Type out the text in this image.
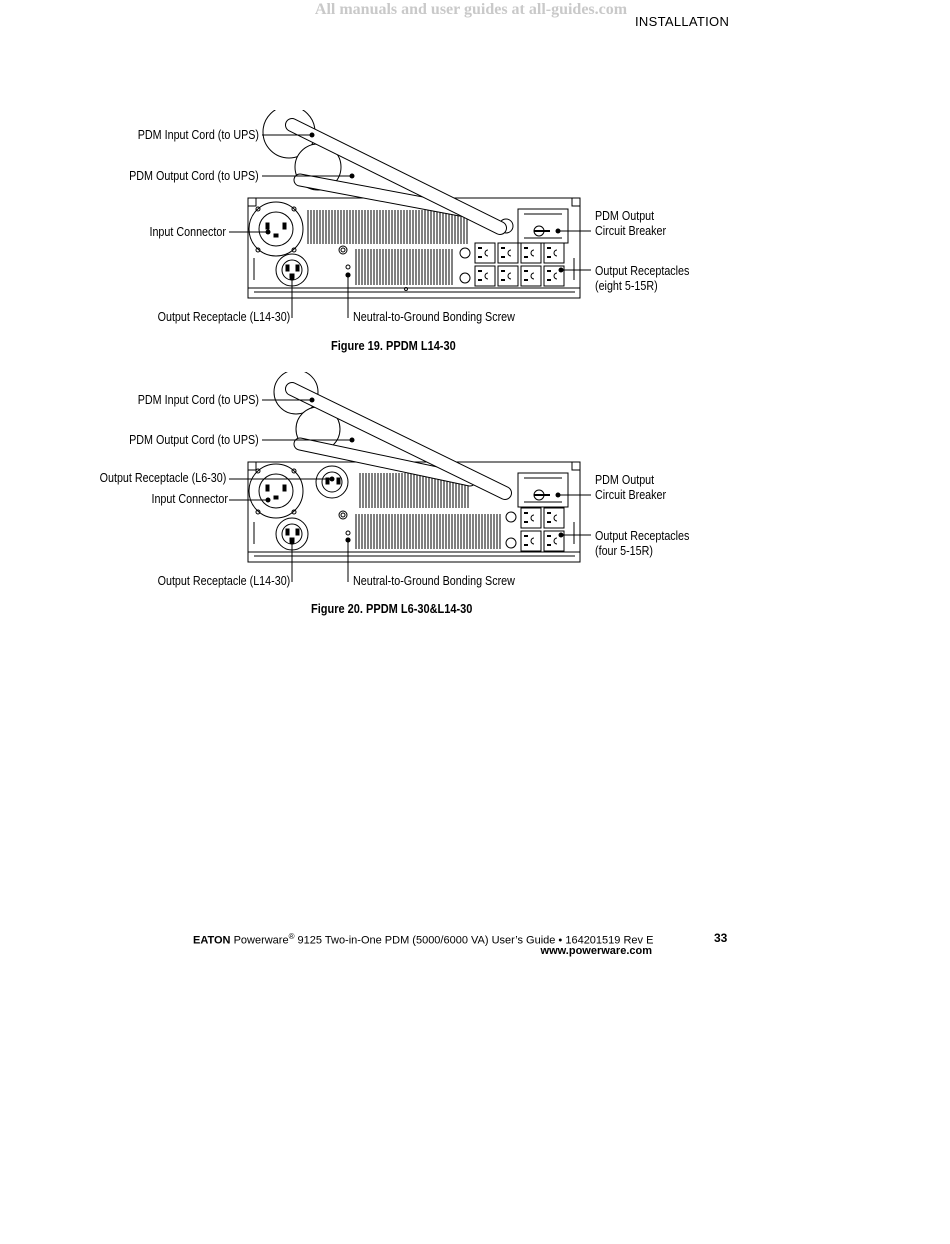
All manuals and user guides at all-guides.com
INSTALLATION
PDM Input Cord (to UPS)
PDM Output Cord (to UPS)
Input Connector
Output Receptacle (L14-30)	Neutral-to-Ground Bonding Screw
PDM Output
Circuit Breaker
Output Receptacles
(eight 5-15R)
Figure 19. PPDM L14-30
PDM Input Cord (to UPS)
PDM Output Cord (to UPS)
Output Receptacle (L6-30)
Input Connector
Output Receptacle (L14-30)	Neutral-to-Ground Bonding Screw
PDM Output
Circuit Breaker
Output Receptacles
(four 5-15R)
Figure 20. PPDM L6-30&L14-30
EATON Powerware® 9125 Two-in-One PDM (5000/6000 VA) User’s Guide • 164201519 Rev E
www.powerware.com
33
